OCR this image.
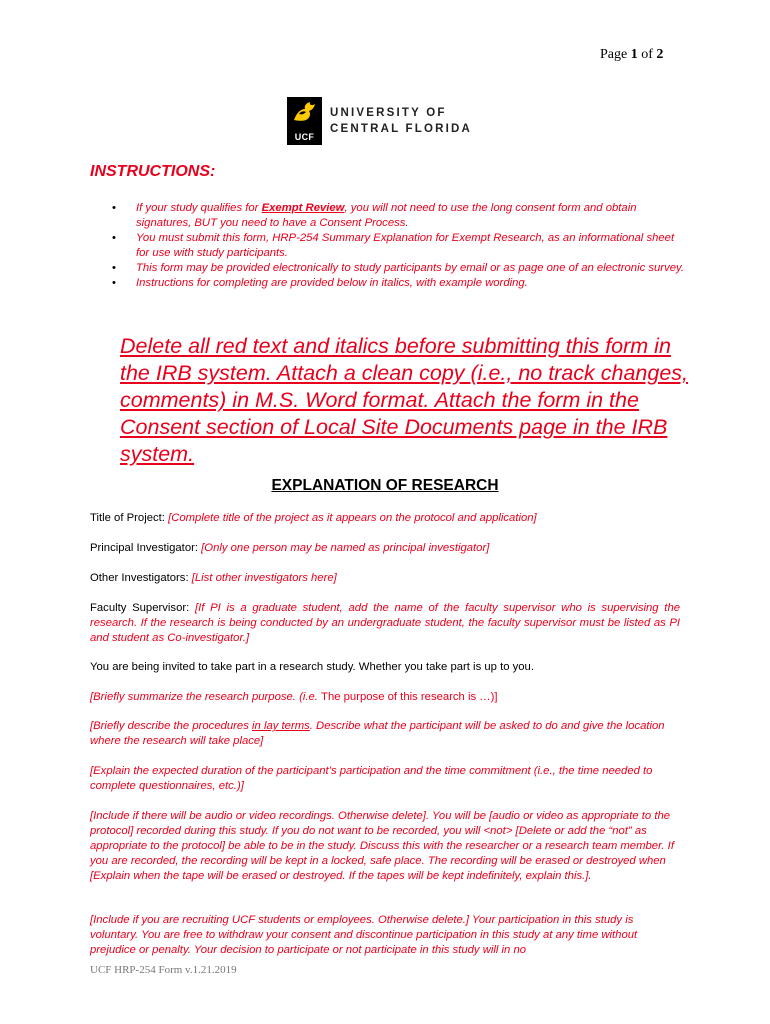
Page 1 of 2
UCF
UNIVERSITY OF
CENTRAL FLORIDA
INSTRUCTIONS:
• If your study qualifies for Exempt Review, you will not need to use the long consent form and obtain signatures, BUT you need to have a Consent Process.
• You must submit this form, HRP-254 Summary Explanation for Exempt Research, as an informational sheet for use with study participants.
• This form may be provided electronically to study participants by email or as page one of an electronic survey.
• Instructions for completing are provided below in italics, with example wording.
Delete all red text and italics before submitting this form in the IRB system. Attach a clean copy (i.e., no track changes, comments) in M.S. Word format. Attach the form in the Consent section of Local Site Documents page in the IRB system.
EXPLANATION OF RESEARCH
Title of Project: [Complete title of the project as it appears on the protocol and application]
Principal Investigator: [Only one person may be named as principal investigator]
Other Investigators: [List other investigators here]
Faculty Supervisor: [If PI is a graduate student, add the name of the faculty supervisor who is supervising the research. If the research is being conducted by an undergraduate student, the faculty supervisor must be listed as PI and student as Co-investigator.]
You are being invited to take part in a research study. Whether you take part is up to you.
[Briefly summarize the research purpose. (i.e. The purpose of this research is …)]
[Briefly describe the procedures in lay terms. Describe what the participant will be asked to do and give the location where the research will take place]
[Explain the expected duration of the participant’s participation and the time commitment (i.e., the time needed to complete questionnaires, etc.)]
[Include if there will be audio or video recordings. Otherwise delete]. You will be [audio or video as appropriate to the protocol] recorded during this study. If you do not want to be recorded, you will <not> [Delete or add the “not” as appropriate to the protocol] be able to be in the study. Discuss this with the researcher or a research team member. If you are recorded, the recording will be kept in a locked, safe place. The recording will be erased or destroyed when [Explain when the tape will be erased or destroyed. If the tapes will be kept indefinitely, explain this.].
[Include if you are recruiting UCF students or employees. Otherwise delete.] Your participation in this study is voluntary. You are free to withdraw your consent and discontinue participation in this study at any time without prejudice or penalty. Your decision to participate or not participate in this study will in no
UCF HRP-254 Form v.1.21.2019
